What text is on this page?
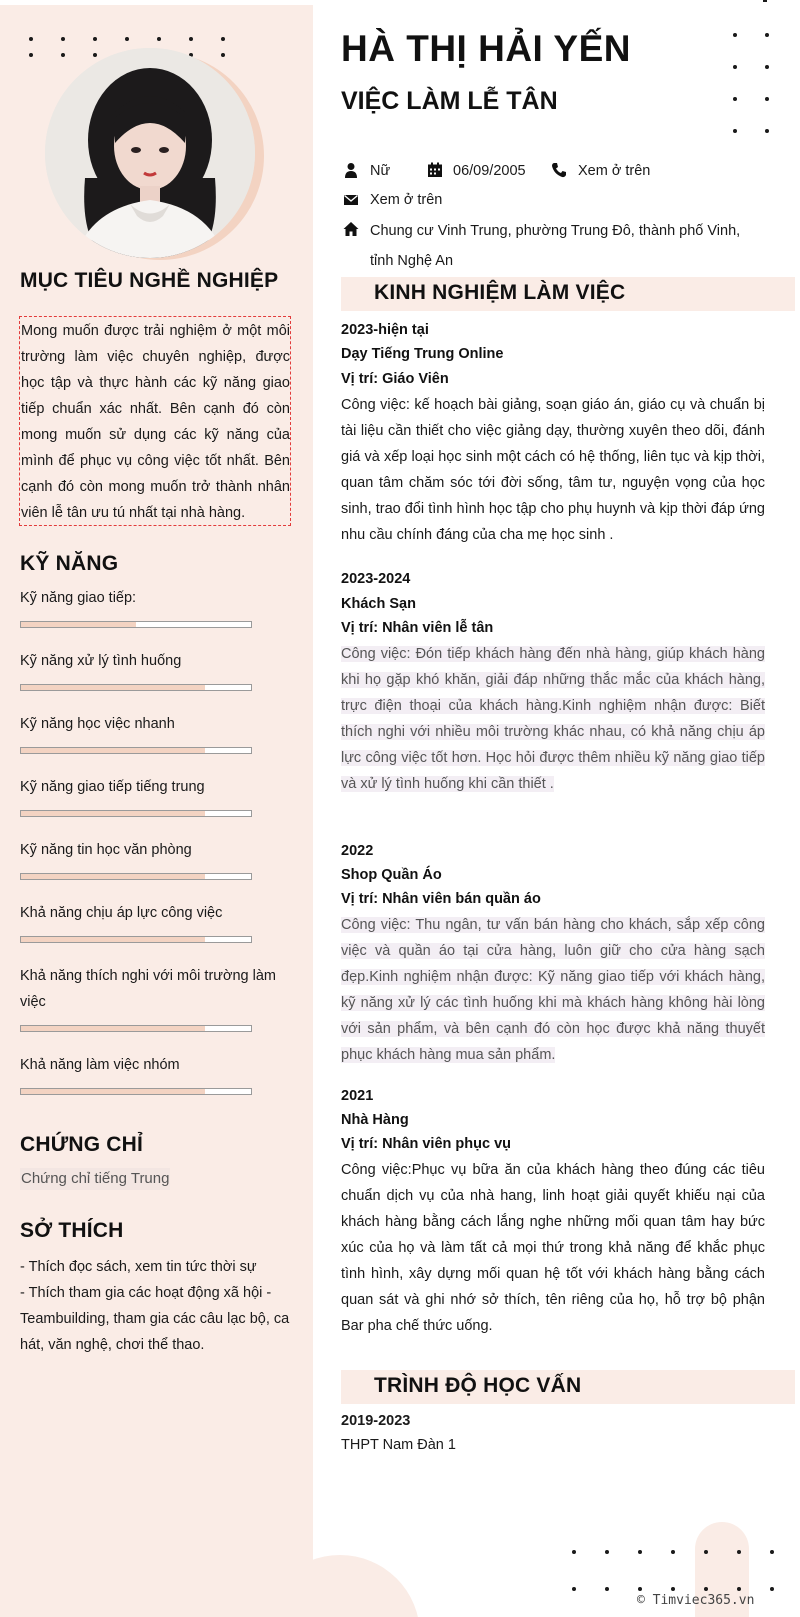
MỤC TIÊU NGHỀ NGHIỆP
Mong muốn được trải nghiệm ở một môi trường làm việc chuyên nghiệp, được học tập và thực hành các kỹ năng giao tiếp chuẩn xác nhất. Bên cạnh đó còn mong muốn sử dụng các kỹ năng của mình để phục vụ công việc tốt nhất. Bên cạnh đó còn mong muốn trở thành nhân viên lễ tân ưu tú nhất tại nhà hàng.
KỸ NĂNG
Kỹ năng giao tiếp:
Kỹ năng xử lý tình huống
Kỹ năng học việc nhanh
Kỹ năng giao tiếp tiếng trung
Kỹ năng tin học văn phòng
Khả năng chịu áp lực công việc
Khả năng thích nghi với môi trường làm việc
Khả năng làm việc nhóm
CHỨNG CHỈ
Chứng chỉ tiếng Trung
SỞ THÍCH
- Thích đọc sách, xem tin tức thời sự
- Thích tham gia các hoạt động xã hội -Teambuilding, tham gia các câu lạc bộ, ca hát, văn nghệ, chơi thể thao.
HÀ THỊ HẢI YẾN
VIỆC LÀM LỄ TÂN
Nữ	06/09/2005	Xem ở trên
Xem ở trên
Chung cư Vinh Trung, phường Trung Đô, thành phố Vinh, tỉnh Nghệ An
KINH NGHIỆM LÀM VIỆC
2023-hiện tại
Dạy Tiếng Trung Online
Vị trí: Giáo Viên
Công việc: kế hoạch bài giảng, soạn giáo án, giáo cụ và chuẩn bị tài liệu cần thiết cho việc giảng dạy, thường xuyên theo dõi, đánh giá và xếp loại học sinh một cách có hệ thống, liên tục và kịp thời, quan tâm chăm sóc tới đời sống, tâm tư, nguyện vọng của học sinh, trao đổi tình hình học tập cho phụ huynh và kịp thời đáp ứng nhu cầu chính đáng của cha mẹ học sinh .
2023-2024
Khách Sạn
Vị trí: Nhân viên lễ tân
Công việc: Đón tiếp khách hàng đến nhà hàng, giúp khách hàng khi họ gặp khó khăn, giải đáp những thắc mắc của khách hàng, trực điện thoại của khách hàng.Kinh nghiệm nhận được: Biết thích nghi với nhiều môi trường khác nhau, có khả năng chịu áp lực công việc tốt hơn. Học hỏi được thêm nhiều kỹ năng giao tiếp và xử lý tình huống khi cần thiết .
2022
Shop Quần Áo
Vị trí: Nhân viên bán quần áo
Công việc: Thu ngân, tư vấn bán hàng cho khách, sắp xếp công việc và quần áo tại cửa hàng, luôn giữ cho cửa hàng sạch đẹp.Kinh nghiệm nhận được: Kỹ năng giao tiếp với khách hàng, kỹ năng xử lý các tình huống khi mà khách hàng không hài lòng với sản phẩm, và bên cạnh đó còn học được khả năng thuyết phục khách hàng mua sản phẩm.
2021
Nhà Hàng
Vị trí: Nhân viên phục vụ
Công việc:Phục vụ bữa ăn của khách hàng theo đúng các tiêu chuẩn dịch vụ của nhà hang, linh hoạt giải quyết khiếu nại của khách hàng bằng cách lắng nghe những mối quan tâm hay bức xúc của họ và làm tất cả mọi thứ trong khả năng để khắc phục tình hình, xây dựng mối quan hệ tốt với khách hàng bằng cách quan sát và ghi nhớ sở thích, tên riêng của họ, hỗ trợ bộ phận Bar pha chế thức uống.
TRÌNH ĐỘ HỌC VẤN
2019-2023
THPT Nam Đàn 1
© Timviec365.vn
